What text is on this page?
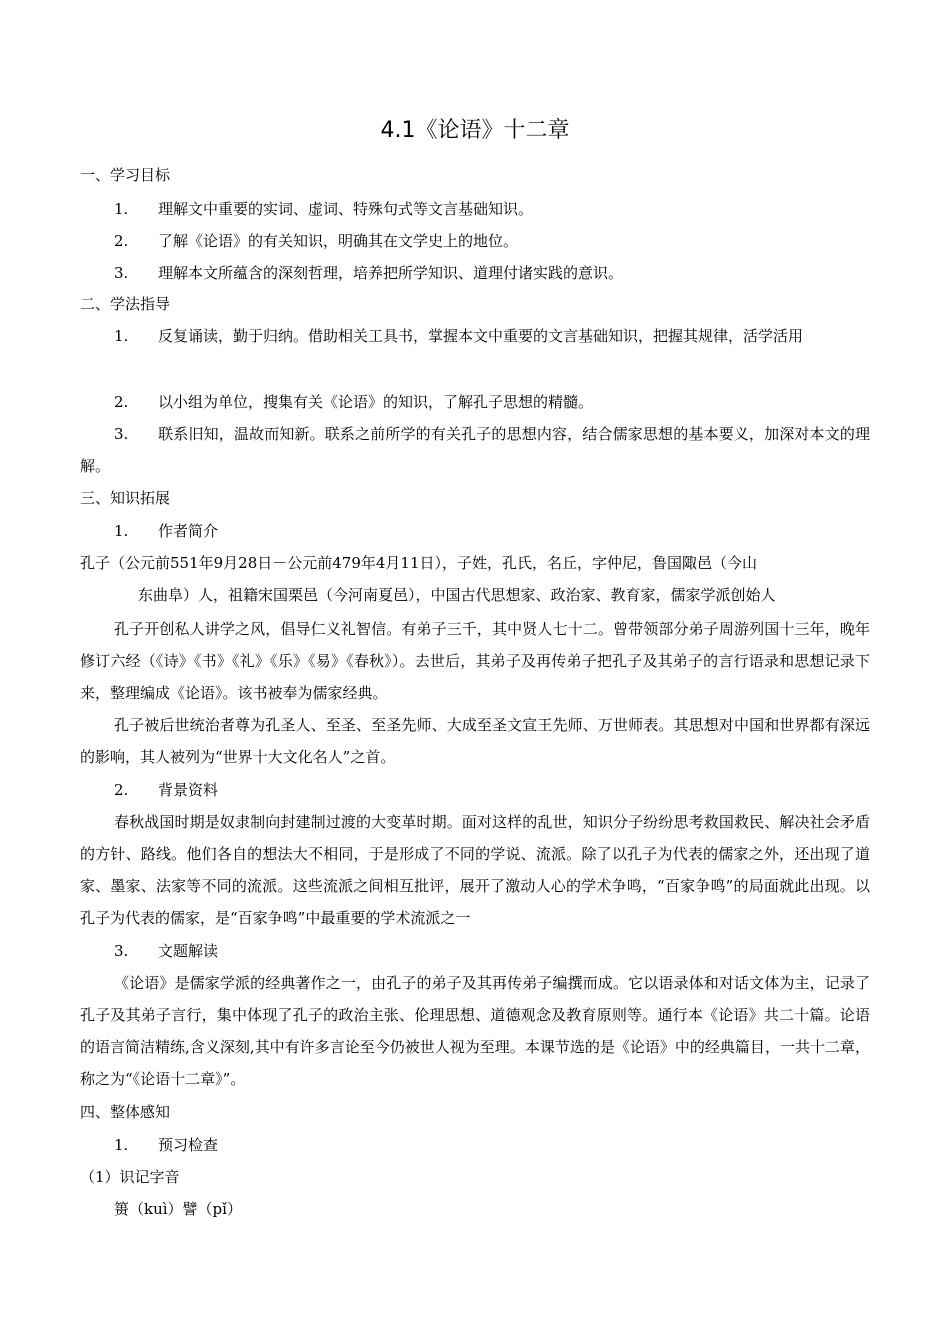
4.1《论语》十二章
一、学习目标
1. 理解文中重要的实词、虚词、特殊句式等文言基础知识。
2. 了解《论语》的有关知识，明确其在文学史上的地位。
3. 理解本文所蕴含的深刻哲理，培养把所学知识、道理付诸实践的意识。
二、学法指导
1. 反复诵读，勤于归纳。借助相关工具书，掌握本文中重要的文言基础知识，把握其规律，活学活用
2. 以小组为单位，搜集有关《论语》的知识，了解孔子思想的精髓。
3. 联系旧知，温故而知新。联系之前所学的有关孔子的思想内容，结合儒家思想的基本要义，加深对本文的理解。
三、知识拓展
1. 作者简介
孔子（公元前551年9月28日－公元前479年4月11日），子姓，孔氏，名丘，字仲尼，鲁国陬邑（今山
东曲阜）人，祖籍宋国栗邑（今河南夏邑），中国古代思想家、政治家、教育家，儒家学派创始人
孔子开创私人讲学之风，倡导仁义礼智信。有弟子三千，其中贤人七十二。曾带领部分弟子周游列国十三年，晚年修订六经（《诗》《书》《礼》《乐》《易》《春秋》）。去世后，其弟子及再传弟子把孔子及其弟子的言行语录和思想记录下来，整理编成《论语》。该书被奉为儒家经典。
孔子被后世统治者尊为孔圣人、至圣、至圣先师、大成至圣文宣王先师、万世师表。其思想对中国和世界都有深远的影响，其人被列为“世界十大文化名人”之首。
2. 背景资料
春秋战国时期是奴隶制向封建制过渡的大变革时期。面对这样的乱世，知识分子纷纷思考救国救民、解决社会矛盾的方针、路线。他们各自的想法大不相同，于是形成了不同的学说、流派。除了以孔子为代表的儒家之外，还出现了道家、墨家、法家等不同的流派。这些流派之间相互批评，展开了激动人心的学术争鸣，“百家争鸣”的局面就此出现。以孔子为代表的儒家，是“百家争鸣”中最重要的学术流派之一
3. 文题解读
《论语》是儒家学派的经典著作之一，由孔子的弟子及其再传弟子编撰而成。它以语录体和对话文体为主，记录了孔子及其弟子言行，集中体现了孔子的政治主张、伦理思想、道德观念及教育原则等。通行本《论语》共二十篇。论语的语言简洁精练,含义深刻,其中有许多言论至今仍被世人视为至理。本课节选的是《论语》中的经典篇目，一共十二章，称之为“《论语十二章》”。
四、整体感知
1. 预习检查
（1）识记字音
篑（kuì）譬（pǐ）
